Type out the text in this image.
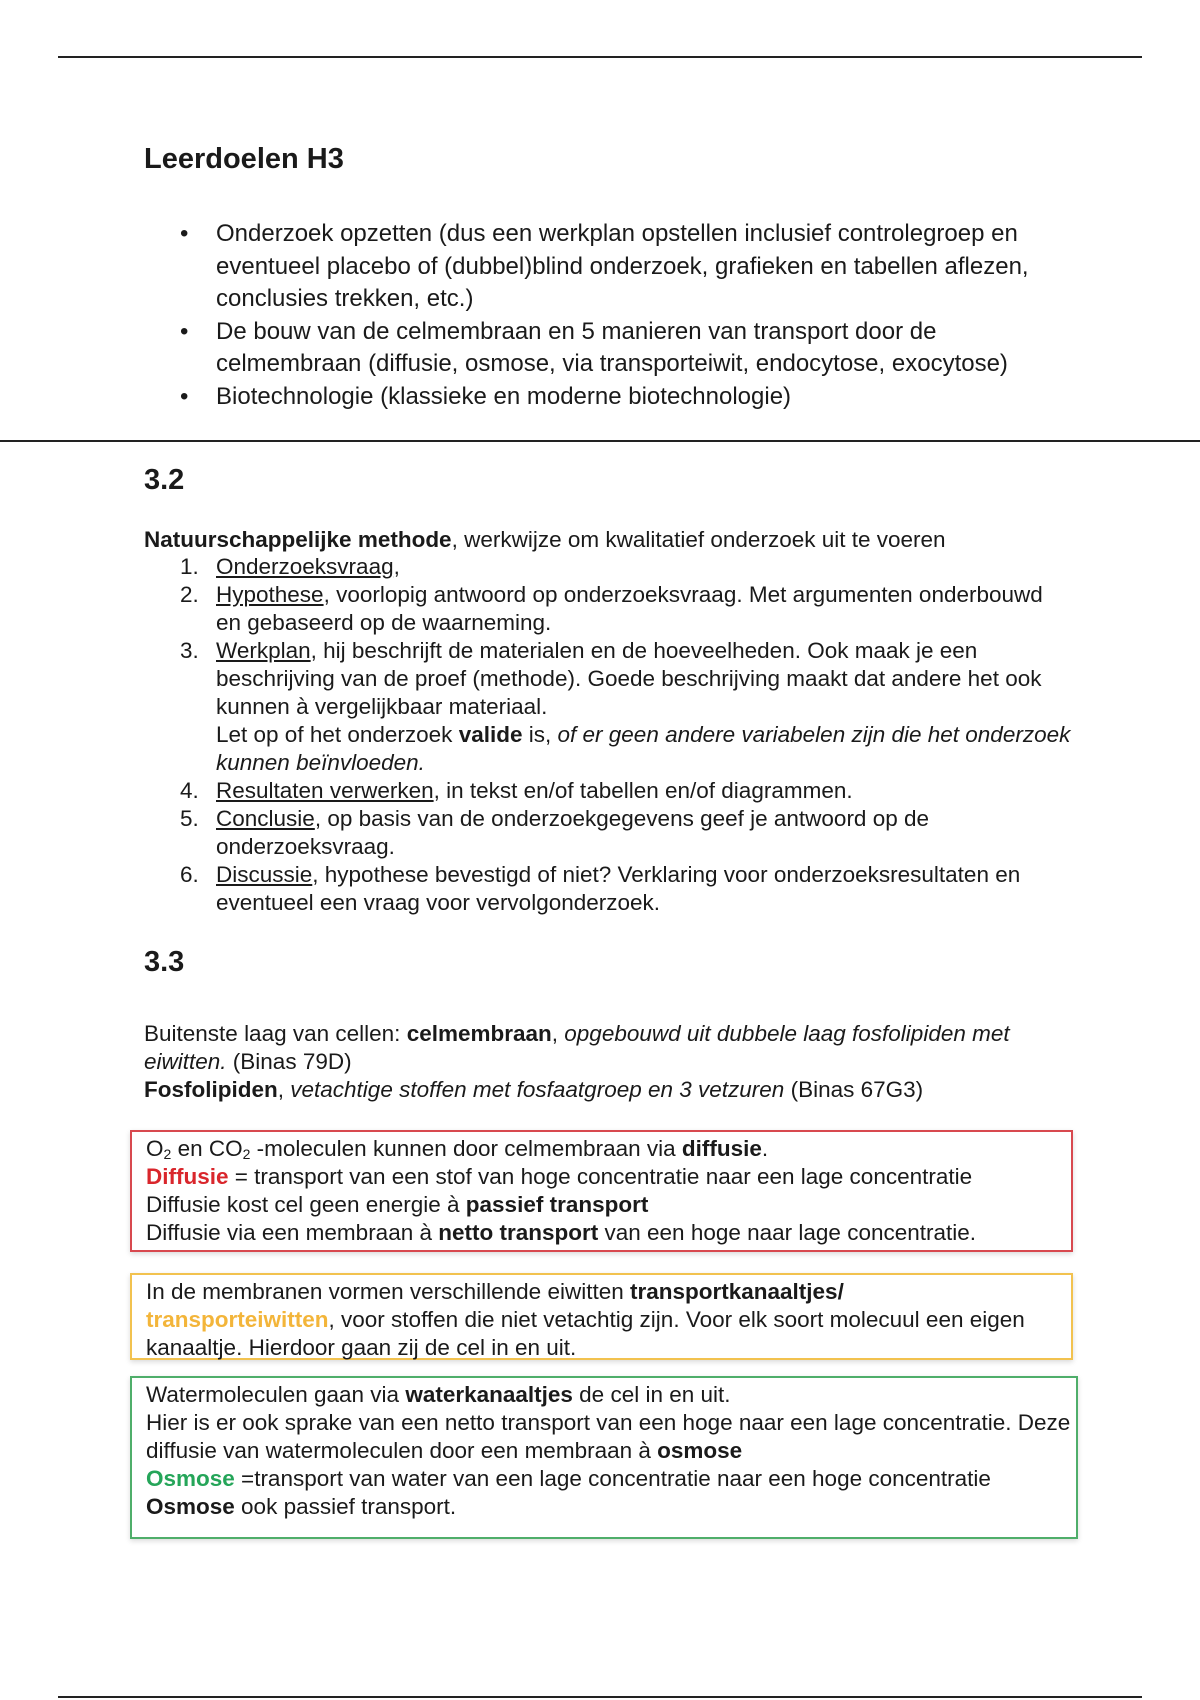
Leerdoelen H3
• Onderzoek opzetten (dus een werkplan opstellen inclusief controlegroep en eventueel placebo of (dubbel)blind onderzoek, grafieken en tabellen aflezen, conclusies trekken, etc.)
• De bouw van de celmembraan en 5 manieren van transport door de celmembraan (diffusie, osmose, via transporteiwit, endocytose, exocytose)
• Biotechnologie (klassieke en moderne biotechnologie)
3.2
Natuurschappelijke methode, werkwijze om kwalitatief onderzoek uit te voeren
1. Onderzoeksvraag,
2. Hypothese, voorlopig antwoord op onderzoeksvraag. Met argumenten onderbouwd en gebaseerd op de waarneming.
3. Werkplan, hij beschrijft de materialen en de hoeveelheden. Ook maak je een beschrijving van de proef (methode). Goede beschrijving maakt dat andere het ook kunnen à vergelijkbaar materiaal.
Let op of het onderzoek valide is, of er geen andere variabelen zijn die het onderzoek kunnen beïnvloeden.
4. Resultaten verwerken, in tekst en/of tabellen en/of diagrammen.
5. Conclusie, op basis van de onderzoekgegevens geef je antwoord op de onderzoeksvraag.
6. Discussie, hypothese bevestigd of niet? Verklaring voor onderzoeksresultaten en eventueel een vraag voor vervolgonderzoek.
3.3
Buitenste laag van cellen: celmembraan, opgebouwd uit dubbele laag fosfolipiden met eiwitten. (Binas 79D)
Fosfolipiden, vetachtige stoffen met fosfaatgroep en 3 vetzuren (Binas 67G3)
$O_2$ en $CO_2$ -moleculen kunnen door celmembraan via diffusie.
Diffusie = transport van een stof van hoge concentratie naar een lage concentratie
Diffusie kost cel geen energie à passief transport
Diffusie via een membraan à netto transport van een hoge naar lage concentratie.
In de membranen vormen verschillende eiwitten transportkanaaltjes/
transporteiwitten, voor stoffen die niet vetachtig zijn. Voor elk soort molecuul een eigen kanaaltje. Hierdoor gaan zij de cel in en uit.
Watermoleculen gaan via waterkanaaltjes de cel in en uit.
Hier is er ook sprake van een netto transport van een hoge naar een lage concentratie. Deze diffusie van watermoleculen door een membraan à osmose
Osmose =transport van water van een lage concentratie naar een hoge concentratie
Osmose ook passief transport.
